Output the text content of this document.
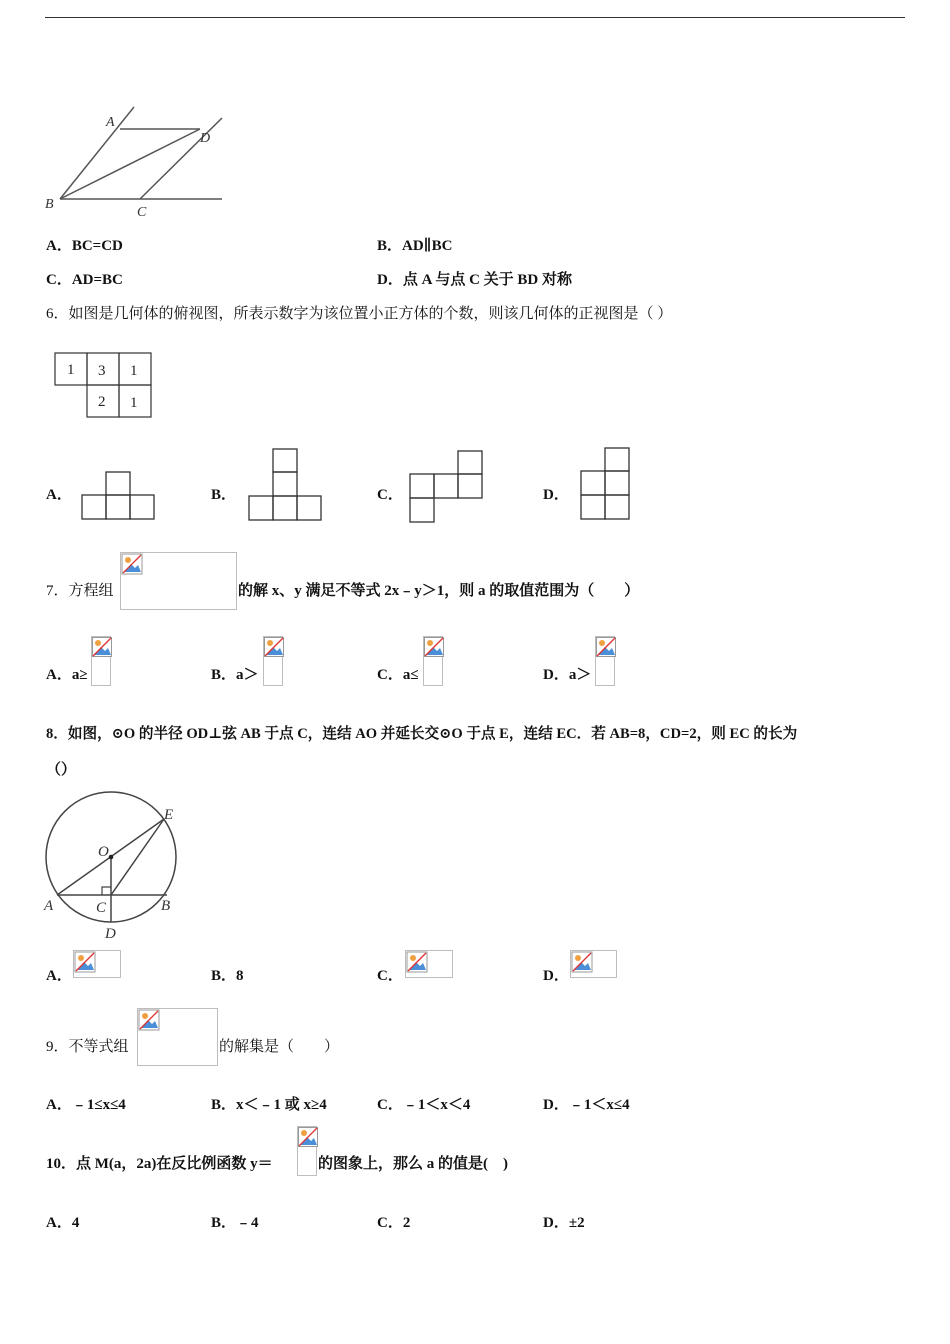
A
D
B
C
A．BC=CD	B．AD∥BC
C．AD=BC	D．点 A 与点 C 关于 BD 对称
6．如图是几何体的俯视图，所表示数字为该位置小正方体的个数，则该几何体的正视图是（ ）
1 3 1
2 1
A．	B．	C．	D．
7．方程组	的解 x、y 满足不等式 2x﹣y＞1，则 a 的取值范围为（　　）
A．a≥	B．a＞	C．a≤	D．a＞
8．如图，⊙O 的半径 OD⊥弦 AB 于点 C，连结 AO 并延长交⊙O 于点 E，连结 EC．若 AB=8，CD=2，则 EC 的长为
（）
O
E
A	B
C
D
A．	B．8	C．	D．
9．不等式组	的解集是（　　）
A．﹣1≤x≤4	B．x＜﹣1 或 x≥4	C．﹣1＜x＜4	D．﹣1＜x≤4
10．点 M(a，2a)在反比例函数 y＝	的图象上，那么 a 的值是(　)
A．4	B．﹣4	C．2	D．±2
